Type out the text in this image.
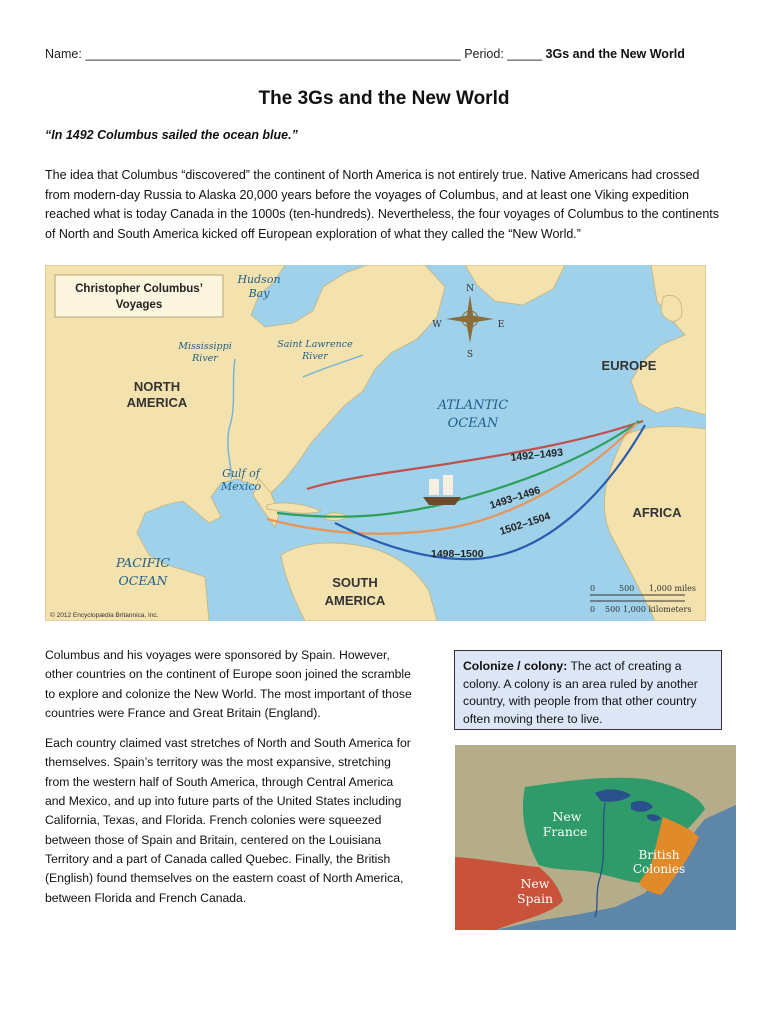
Name: ______________________________________________________ Period: _____ 3Gs and the New World
The 3Gs and the New World
“In 1492 Columbus sailed the ocean blue.”
The idea that Columbus “discovered” the continent of North America is not entirely true. Native Americans had crossed from modern-day Russia to Alaska 20,000 years before the voyages of Columbus, and at least one Viking expedition reached what is today Canada in the 1000s (ten-hundreds). Nevertheless, the four voyages of Columbus to the continents of North and South America kicked off European exploration of what they called the “New World.”
N
S
E
W
Christopher Columbus’
Voyages
Hudson
Bay
Mississippi
River
Saint Lawrence
River
NORTH
AMERICA	ATLANTIC
OCEAN
EUROPE
AFRICA
Gulf of
Mexico
PACIFIC
OCEAN	SOUTH
AMERICA
1492–1493
1493–1496
1502–1504
1498–1500
0	500 1,000 miles
0 500 1,000 kilometers
© 2012 Encyclopædia Britannica, Inc.

Columbus and his voyages were sponsored by Spain. However, other countries on the continent of Europe soon joined the scramble to explore and colonize the New World. The most important of those countries were France and Great Britain (England).

Each country claimed vast stretches of North and South America for themselves. Spain’s territory was the most expansive, stretching from the western half of South America, through Central America and Mexico, and up into future parts of the United States including California, Texas, and Florida. French colonies were squeezed between those of Spain and Britain, centered on the Louisiana Territory and a part of Canada called Quebec. Finally, the British (English) found themselves on the eastern coast of North America, between Florida and French Canada.

Colonize / colony: The act of creating a colony. A colony is an area ruled by another country, with people from that other country often moving there to live.
New
France
British
Colonies
New
Spain
